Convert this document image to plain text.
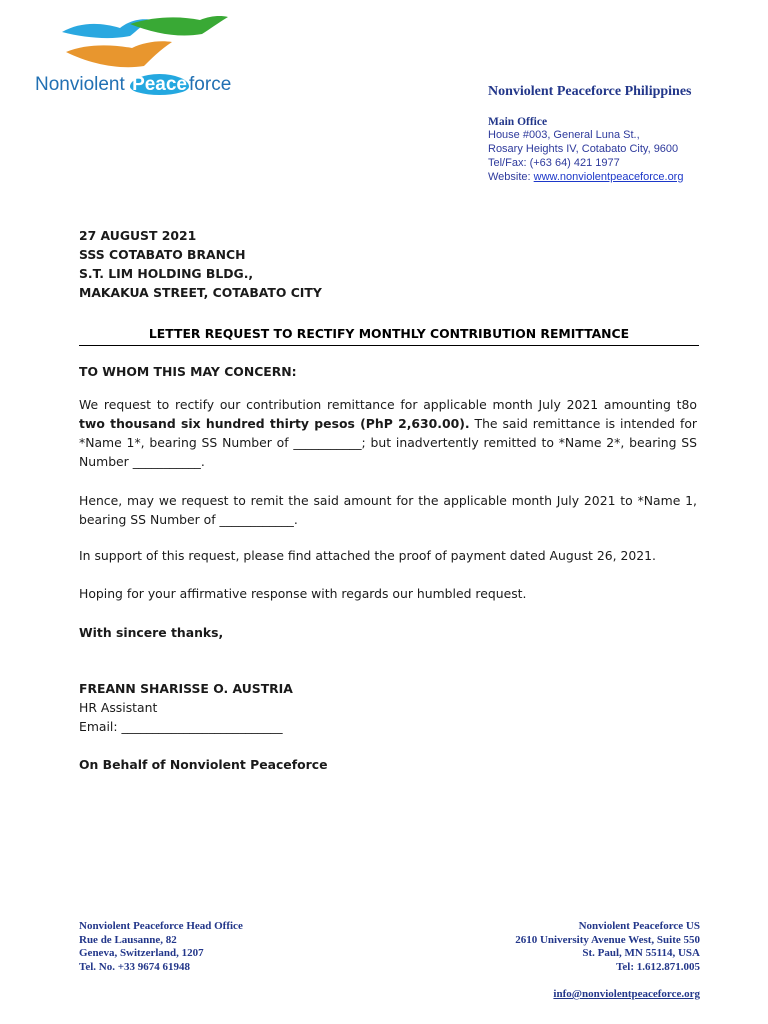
Nonviolent Peace force	Nonviolent Peaceforce Philippines
Main Office
House #003, General Luna St.,
Rosary Heights IV, Cotabato City, 9600
Tel/Fax: (+63 64) 421 1977
Website: www.nonviolentpeaceforce.org
27 AUGUST 2021
SSS COTABATO BRANCH
S.T. LIM HOLDING BLDG.,
MAKAKUA STREET, COTABATO CITY
LETTER REQUEST TO RECTIFY MONTHLY CONTRIBUTION REMITTANCE
TO WHOM THIS MAY CONCERN:

We request to rectify our contribution remittance for applicable month July 2021 amounting t8o two thousand six hundred thirty pesos (PhP 2,630.00). The said remittance is intended for *Name 1*, bearing SS Number of ___________; but inadvertently remitted to *Name 2*, bearing SS Number ___________.

Hence, may we request to remit the said amount for the applicable month July 2021 to *Name 1, bearing SS Number of ____________.

In support of this request, please find attached the proof of payment dated August 26, 2021.

Hoping for your affirmative response with regards our humbled request.

With sincere thanks,
FREANN SHARISSE O. AUSTRIA
HR Assistant
Email: __________________________
On Behalf of Nonviolent Peaceforce
Nonviolent Peaceforce Head Office
Rue de Lausanne, 82
Geneva, Switzerland, 1207
Tel. No. +33 9674 61948
Nonviolent Peaceforce US
2610 University Avenue West, Suite 550
St. Paul, MN 55114, USA
Tel: 1.612.871.005
info@nonviolentpeaceforce.org
